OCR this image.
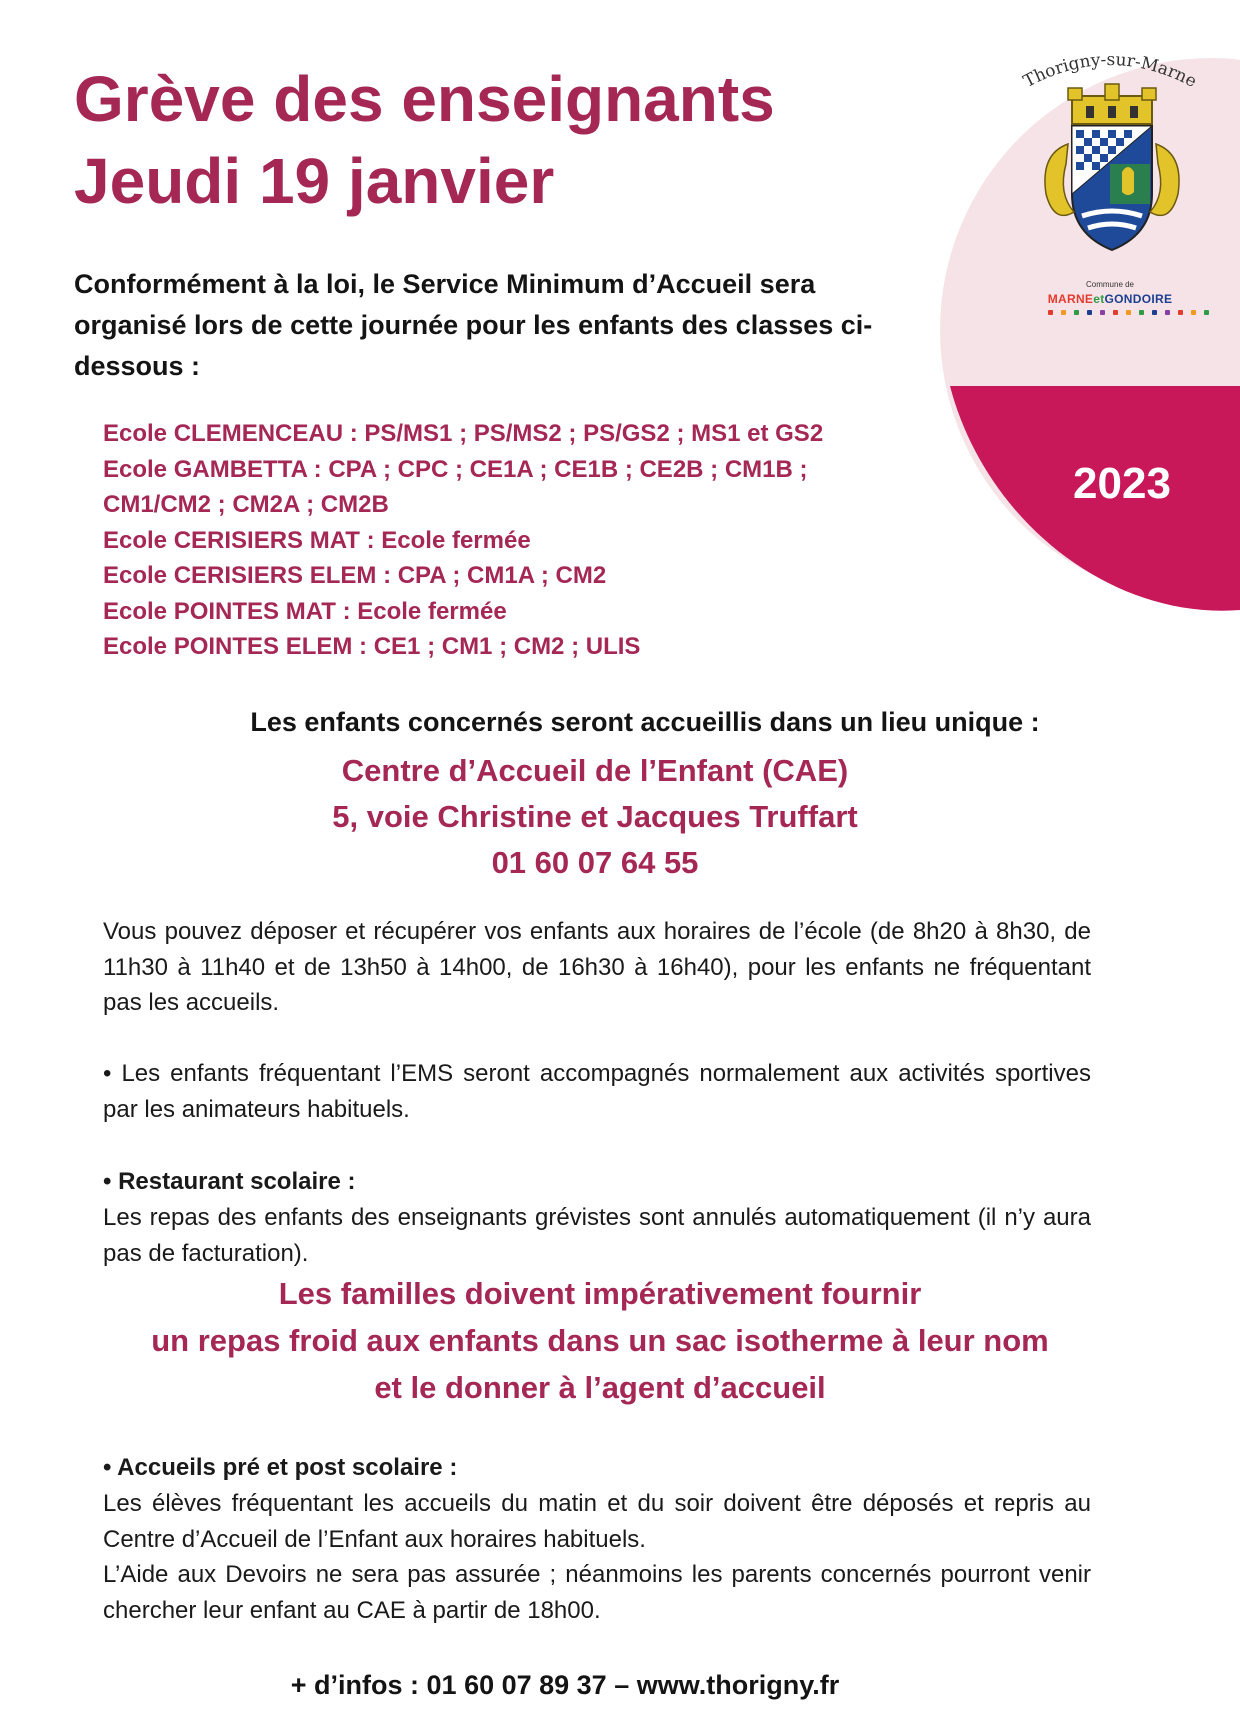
Thorigny-sur-Marne
Commune de
MARNEetGONDOIRE
Grève des enseignants
Jeudi 19 janvier

Conformément à la loi, le Service Minimum d’Accueil sera organisé lors de cette journée pour les enfants des classes ci-dessous :

Ecole CLEMENCEAU : PS/MS1 ; PS/MS2 ; PS/GS2 ; MS1 et GS2
Ecole GAMBETTA : CPA ; CPC ; CE1A ; CE1B ; CE2B ; CM1B ;
CM1/CM2 ; CM2A ; CM2B
Ecole CERISIERS MAT : Ecole fermée
Ecole CERISIERS ELEM : CPA ; CM1A ; CM2
Ecole POINTES MAT : Ecole fermée
Ecole POINTES ELEM : CE1 ; CM1 ; CM2 ; ULIS
2023

Les enfants concernés seront accueillis dans un lieu unique :

Centre d’Accueil de l’Enfant (CAE)

5, voie Christine et Jacques Truffart

01 60 07 64 55

Vous pouvez déposer et récupérer vos enfants aux horaires de l’école (de 8h20 à 8h30, de 11h30 à 11h40 et de 13h50 à 14h00, de 16h30 à 16h40), pour les enfants ne fréquentant pas les accueils.

• Les enfants fréquentant l’EMS seront accompagnés normalement aux activités sportives par les animateurs habituels.

• Restaurant scolaire :

Les repas des enfants des enseignants grévistes sont annulés automatiquement (il n’y aura pas de facturation).

Les familles doivent impérativement fournir
un repas froid aux enfants dans un sac isotherme à leur nom
et le donner à l’agent d’accueil

• Accueils pré et post scolaire :

Les élèves fréquentant les accueils du matin et du soir doivent être déposés et repris au Centre d’Accueil de l’Enfant aux horaires habituels.

L’Aide aux Devoirs ne sera pas assurée ; néanmoins les parents concernés pourront venir chercher leur enfant au CAE à partir de 18h00.

+ d’infos : 01 60 07 89 37 – www.thorigny.fr
